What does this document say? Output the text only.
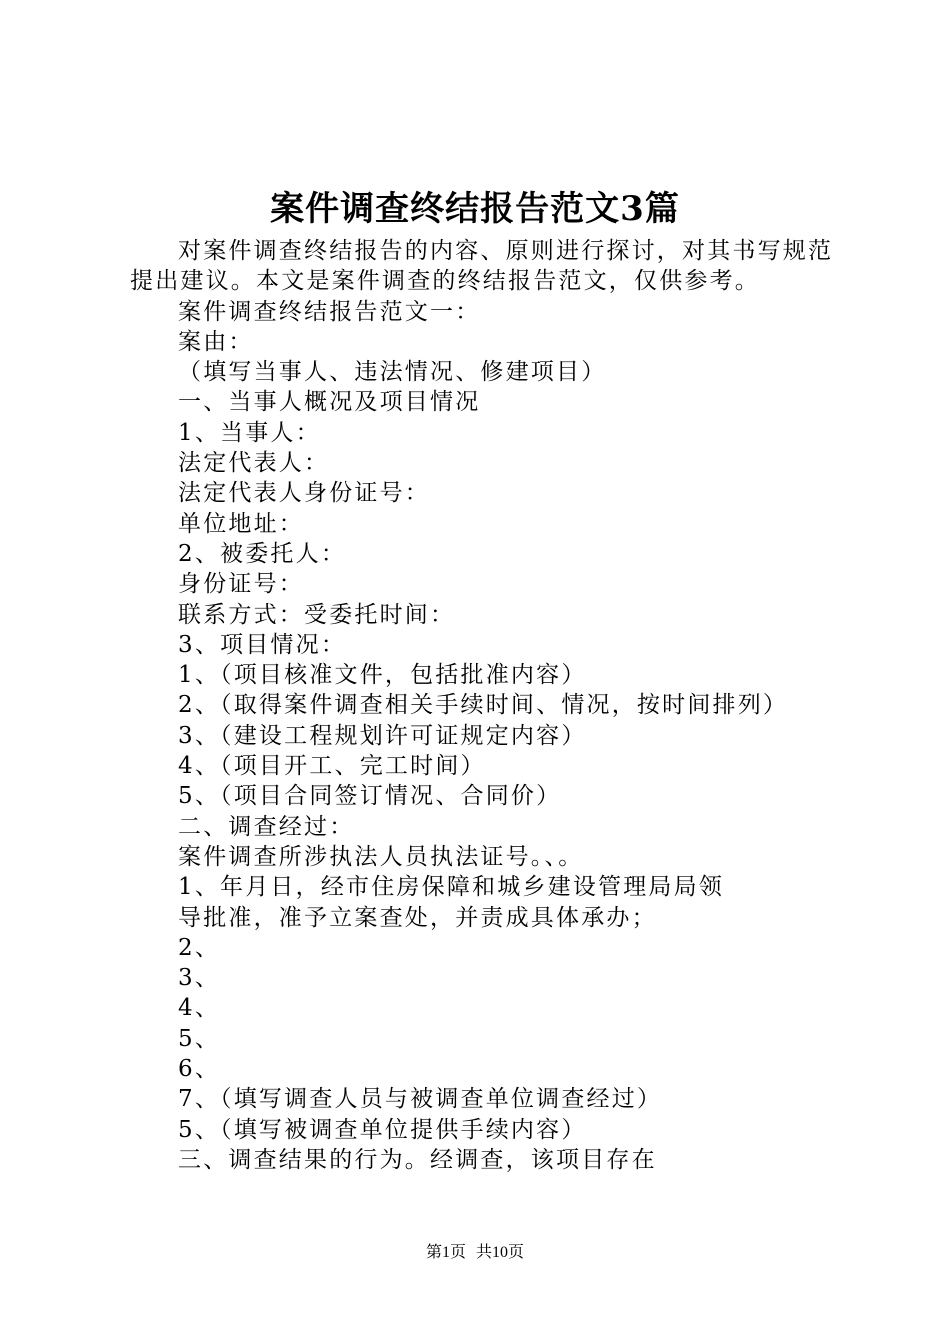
案件调查终结报告范文3篇

对案件调查终结报告的内容、原则进行探讨，对其书写规范提出建议。本文是案件调查的终结报告范文，仅供参考。

案件调查终结报告范文一：

案由：

（填写当事人、违法情况、修建项目）

一、当事人概况及项目情况

1、当事人：

法定代表人：

法定代表人身份证号：

单位地址：

2、被委托人：

身份证号：

联系方式：受委托时间：

3、项目情况：

1、（项目核准文件，包括批准内容）

2、（取得案件调查相关手续时间、情况，按时间排列）

3、（建设工程规划许可证规定内容）

4、（项目开工、完工时间）

5、（项目合同签订情况、合同价）

二、调查经过：

案件调查所涉执法人员执法证号。、。

1、年月日，经市住房保障和城乡建设管理局局领

导批准，准予立案查处，并责成具体承办；

2、

3、

4、

5、

6、

7、（填写调查人员与被调查单位调查经过）

5、（填写被调查单位提供手续内容）

三、调查结果的行为。经调查，该项目存在

第1页 共10页
